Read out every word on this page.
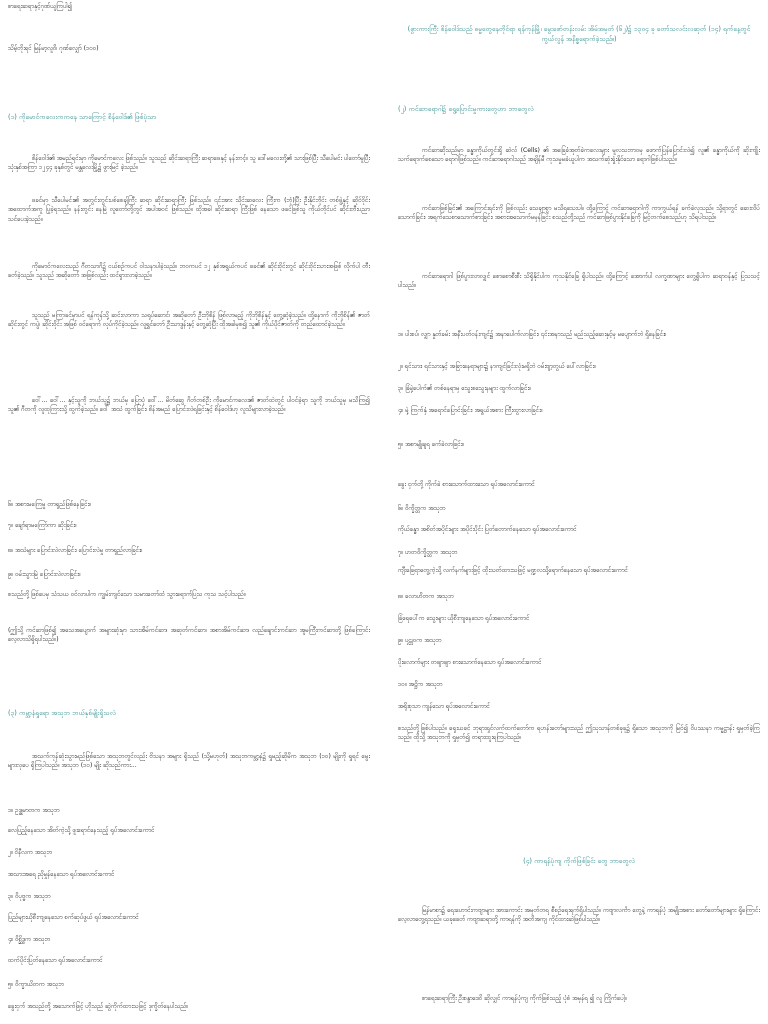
စာရေးဆရာနှင့်ဂုဏ်ယူကြပါ၍

သိမ့်တိုးရင် မြန်မာ့လူဝိ၊ ဂုဏ်လျှော် (၁၀၀)

(၁) ကိုမောင်ကလေးကကနေ သာကြောင့် စိန်ဝေါဒ်၏ ဖြစ်ပုံသာ

စိန်ဝေါဒ်၏ အမည်ရင်းမှာ ကိုမောင်ကလေး ဖြစ်သည်။ သူသည် ဆိုင်းဆရာကြီး ဆရာဖေနှင့် နန်းတင့်။ သူ ဒေါ်မလေးတို့၏ သားဖြစ်ပြီး သီပေါမင်း ပါတော်မူပြီး သုံးနှစ်အကြာ ၁၂၄၄ ခုနှစ်တွင် မန္တလေးမြို့၌ ဖွားမြင် ခဲ့သည်။

ဖခင်မှာ သီပေါမင်း၏ အတွင်းတွင်းပစ်စေချ်ကြီး ဆရာ ဆိုင်းဆရာကြီး ဖြစ်သည်။ ၎င်းအား သိုင်းဆလေး ကြီးက (ဘုံ)ပြီး ဦးနိုင်ဘိုင်း တစ်ဖွဲ့နှင့် ဆိုင်ဝိုင်းအထောက်အကူ ပြုခဲ့ရသည်။ နန်းတွင်း နေမြဲ လူတော်တို့တွင် အပါအဝင် ဖြစ်သည်။ ထိုအခါ ဆိုင်းဆရာ ကြီးဖြစ် နေသော ဖခင်ဖြစ်သူ ကိုယ်တိုင်ပင် ဆိုင်းတီးပညာ သင်ပေးခဲ့သည်။

ကိုမောင်ကလေးသည် ဂီတသာဂိ၌ ငယ်စဉ်ကပင် ဝါသနာပါခဲ့သည်။ ဘဝကပင် ၁၂ နှစ်အရွယ်ကပင် ဖခင်၏ ဆိုင်းဝိုင်းတွင် ဆိုင်းဝိုင်းသားအဖြစ် လိုက်ပါ တီးခတ်ခဲ့သည်။ သူသည် အဆိုတော် အဖြစ်လည်း ထင်ရှားလာခဲ့သည်။

သူသည် မကြာခင်မှာပင် ရန်ကုန်သို့ ဆင်းလာကာ သရုပ်ဆောင်၊ အဆိုတော် ဦးဘိုစိန် ဖြစ်လာမည့် ကိုဘိုစိန်နှင့် တွေ့ဆုံခဲ့သည်။ ထို့နောက် ကိုဘိုစိန်၏ ဇာတ်ဆိုင်းတွင် ကပွဲ၊ ဆိုင်းဝိုင်း အဖြစ် ဝင်ရောက် လုပ်ကိုင်ခဲ့သည်။ လူရွှင်တော် ဦးသာဒွန်းနှင့် တွေ့ဆုံပြီး ထိုအခါမှစ၍ သူ၏ ကိုယ်ပိုင်ဇာတ်ကို တည်ထောင်ခဲ့သည်။

ဝေါ်... ဝေါ်... နှင့်သူကို ဘယ်သူ၌ ဘယ်မှ ပြောပုံ ဝေါ်... မိတ်ဆွေ ဂိတ်တစ်ဦး ကိုမောင်ကလေး၏ ဇာတ်ထဲတွင် ပါဝင်ခဲ့ရာ သူကို ဘယ်သူမှ မသိကြ၍ သူ၏ ဂီတကို လူထုကြားသို့ ထွက်ခဲ့သည်။ ဝေါ် အသံ ထွက်ခြင်း၊ စိန်အမည် ပြောင်းလဲရခြင်းနှင့် စိန်ဝေါဒ်ဟု လူသိများလာခဲ့သည်။

၆။ အစားမကြေမှု တာရှည်ဖြစ်နေခြင်း။

၇။ ချော်ရာမကြော်ကာ ဆိုးခြင်း။

၈။ အသံများ ပြောင်းလဲလာခြင်း၊ ပြောင်းလဲမှု တာရှည်လာခြင်း။

၉။ ဝမ်းသွားမြဲ ပြောင်းလဲလာခြင်း။

စသည်တို့ ဖြစ်ပေမှ သံသယ ဝင်လာပါက ကျွမ်းကျင်သော သမားတော်ထံ သွားရောက်ပြသ ကုသ သင့်ပါသည်။

(ဤသို့ ကင်ဆာဖြစ်၍ အသေအပျောက် အများဆုံးမှာ သားအိမ်ကင်ဆာ၊ အဆုတ်ကင်ဆာ၊ အစာအိမ်ကင်ဆာ၊ လည်ချောင်းကင်ဆာ အူမကြီးကင်ဆာတို့ ဖြစ်ကြောင်း လေ့လာသိရှိရပါသည်။)

(၃) ကမ္ဘာ့နံရှုရော အသုဘ ဘယ်နှစ်မျိုးရှိသလဲ

အသက်ကုန်ဆုံးသွားမည်ဖြစ်သော အသုဘတွင်လည်း ဗိသနာ အများ ရှိသည် (သို့မဟုတ်) အသုဘကမ္ဘာ့နံ၌ ရှုမည့်ဆိုမိက အသုဘ (၁၀) မျိုးကို ရှုရင် မွေးများလှပေ ရှိကြပါသည်။ အသုဘ (၁၀) မျိုး ဆိုသည်ကား...

၁။ ဥဒ္ဓုမာတက အသုဘ

လေပြည့်နေသော အိတ်ကဲ့သို့ ဖူးရောင်နေသည့် ရုပ်အလောင်းကောင်

၂။ ဝိနီလက အသုဘ

အသားအရေ ညိုမှုန်နေသော ရုပ်အလောင်းကောင်

၃။ ဝိပုဗ္ဗက အသုဘ

ပြည်များယိုစီးကျနေသော စက်ဆုပ်ဖွယ် ရုပ်အလောင်းကောင်

၄။ ဝိစ္ဆိဒ္ဒက အသုဘ

ထက်ပိုင်းပြတ်နေသော ရုပ်အလောင်းကောင်

၅။ ဝိက္ခာယိတက အသုဘ

ခွေးငှက် အသည်တို့ အသောက်ဖြင့် ဟိုသည် ဆွဲကိုက်ထားသဖြင့် ဒုက္ခိတ်နေပါသည်။

(ဖွားကားကြီး စိန်ဝေါဒ်သည် ဓမ္မတွေနေတိုင်ရာ ရန်ကုန်မြို့၊ မွေးဖော်တန်းလမ်း အိမ်အမှတ် (၆၂)၌ ၁၃၀၄ ခု တော်သလင်းလဆုတ် (၁၄) ရက်နေ့တွင် ကွယ်လွန် အနိစ္စရောက်ခဲ့သည်။)

(၂) ကင်ဆာရောဂါ၌ ရွေ့ပြောင်းမှုကားတွေဟာ ဘာတွေလဲ

ကင်ဆာဆိုသည်မှာ ခန္ဓာကိုယ်တွင်းရှိ ဆဲလ် (Cells) ၏ အခြေခံအုတ်ခဲကလေးများ မူလသဘာဝမှ ဖောက်ပြန်ပြောင်းလဲ၍ လူ၏ ခန္ဓာကိုယ်ကို ဆိုးကျိုးသက်ရောက်စေသော ရောဂါဖြစ်သည်။ ကင်ဆာရောဂါသည် အချိန်မီ ကုသမှုမခံယူပါက အသက်ဆုံးရှုံးနိုင်သော ရောဂါဖြစ်ပါသည်။

ကင်ဆာဖြစ်ခြင်း၏ အကြောင်းရင်းကို ဖြစ်လည်း သေချာစွာ မသိရသေးပါ။ ထို့ကြောင့် ကင်ဆာရောဂါကို ကာကွယ်ရန် ခက်ခဲလှသည်။ သို့ရာတွင် ဆေးလိပ်သောက်ခြင်း၊ အရက်သေစာသောက်စားခြင်း၊ အစားအသောက်မမှန်ခြင်း စသည်တို့သည် ကင်ဆာဖြစ်ပွားနိုင်ခြေကို မြင့်တက်စေသည်ဟု သိရပါသည်။

ကင်ဆာရောဂါ ဖြစ်ပွားလာလျှင် စောစောစီးစီး သိရှိနိုင်ပါက ကုသနိုင်ခြေ ရှိပါသည်။ ထို့ကြောင့် အောက်ပါ လက္ခဏာများ တွေ့ရှိပါက ဆရာဝန်နှင့် ပြသသင့်ပါသည်။

၁။ ပါးစပ်၊ လျှာ နှုတ်ခမ်း အနီးပတ်ဝန်းကျင်၌ အနာပေါက်လာခြင်း၊ ၎င်းအနာသည် မည်သည့်ဆေးနှင့်မှ မပျောက်ဘဲ ရှိနေခြင်း။

၂။ ရင်သား၊ ရင်သားနှင့် အခြားနေရာများ၌ နာကျင်ခြင်းလုံးမရှိဘဲ ဝမ်းဗျာ့တွယ် ပေါ်လာခြင်း။

၃။ ခြံမှဲ့ပေါက်၏ တစ်နေရာမှ သွေးစသွေးနများ ထွက်လာခြင်း။

၄။ မှဲ့ ကြက်နှံ အရောင်ပြောင်းခြင်း၊ အရွယ်အစား ကြီးထွားလာခြင်း။

၅။ အစာမျိုချရ ခက်ခဲလာခြင်း။

ခွေး ငှက်တို့ ကိုက်ခဲ စားသောက်ထားသော ရုပ်အလောင်းကောင်

၆။ ဝိက္ခိတ္တက အသုဘ

ကိုယ်ခန္ဓာ အစိတ်အပိုင်းများ အပိုင်းပိုင်း ပြတ်တောက်နေသော ရုပ်အလောင်းကောင်

၇။ ဟတဝိက္ခိတ္တက အသုဘ

ကျီးခြေရာတွေ့ကဲ့သို့ လက်နက်များဖြင့် ထိုးသတ်ထားသဖြင့် မဏ္ဍလသို့ရောက်နေသော ရုပ်အလောင်းကောင်

၈။ လောဟိတက အသုဘ

ခြံရေပေါ်က သွေးများ ယိုစီးကျနေသော ရုပ်အလောင်းကောင်

၉။ ပုဠုဝက အသုဘ

ပိုးလောက်များ တဖျာဖျာ စားသောက်နေသော ရုပ်အလောင်းကောင်

၁၀။ အဋ္ဌိက အသုဘ

အရိုးစုသာ ကျန်သော ရုပ်အလောင်းကောင်

စသည်တို့ဖြစ်ပါသည်။ ရှေးယခင် ဘုရားရှင်လက်ထက်တော်က ရဟန်းတော်များသည် ဤသုသာန်တစ်ခုခု၌ ရှိသော အသုဘကို မြင်၍ ဝိပဿနာ ကမ္မဋ္ဌာန်း ရှုမှတ်ခဲ့ကြသည်။ ထိုသို့ အသုဘကို ရှုမှတ်၍ တရားထူးရကြပါသည်။

(၄) ကာရန်ပုံကျ ကိုက်ဖြစ်ခြင်း တွေ ဘာတွေလဲ

မြန်မာစာ၌ ရေးဟောင်းကဗျာများ အားကောင်း အမှတ်တရ စီစဉ်ရေးရက်ရှိပါသည်။ ကဗျာလင်္ကာ တွေနဲ့ ကာရန်ပုံ အမျိုးအစား တော်တော်များများ ရှိကြောင်း လေ့လာတွေ့ရသည်။ ယခုခေတ် ကဗျာဆရာတို့ ကာရန်ကို အတိအကျ ကိုင်ထားဆဲဖြစ်ပါသည်။

စာရေးဆရာကြီး ဦးစန္ဒာဒေဝိ ဆိုလျှင် ကာရန်ပုံကျ ကိုက်ဖြစ်သည့် ပုံစံ အမှန်ရ ၍ လူ ကြိုက်ပေါ့။
